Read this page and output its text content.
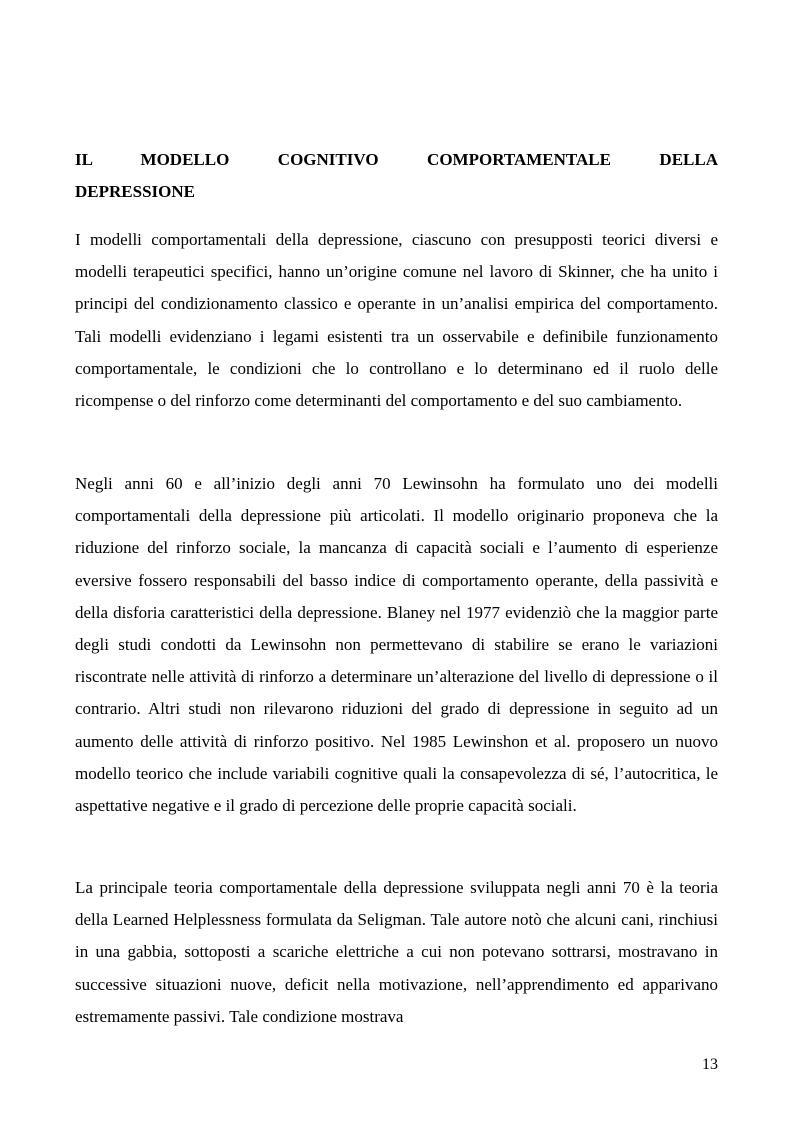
IL MODELLO COGNITIVO COMPORTAMENTALE DELLA
DEPRESSIONE

I modelli comportamentali della depressione, ciascuno con presupposti teorici diversi e modelli terapeutici specifici, hanno un’origine comune nel lavoro di Skinner, che ha unito i principi del condizionamento classico e operante in un’analisi empirica del comportamento. Tali modelli evidenziano i legami esistenti tra un osservabile e definibile funzionamento comportamentale, le condizioni che lo controllano e lo determinano ed il ruolo delle ricompense o del rinforzo come determinanti del comportamento e del suo cambiamento.

Negli anni 60 e all’inizio degli anni 70 Lewinsohn ha formulato uno dei modelli comportamentali della depressione più articolati. Il modello originario proponeva che la riduzione del rinforzo sociale, la mancanza di capacità sociali e l’aumento di esperienze eversive fossero responsabili del basso indice di comportamento operante, della passività e della disforia caratteristici della depressione. Blaney nel 1977 evidenziò che la maggior parte degli studi condotti da Lewinsohn non permettevano di stabilire se erano le variazioni riscontrate nelle attività di rinforzo a determinare un’alterazione del livello di depressione o il contrario. Altri studi non rilevarono riduzioni del grado di depressione in seguito ad un aumento delle attività di rinforzo positivo. Nel 1985 Lewinshon et al. proposero un nuovo modello teorico che include variabili cognitive quali la consapevolezza di sé, l’autocritica, le aspettative negative e il grado di percezione delle proprie capacità sociali.

La principale teoria comportamentale della depressione sviluppata negli anni 70 è la teoria della Learned Helplessness formulata da Seligman. Tale autore notò che alcuni cani, rinchiusi in una gabbia, sottoposti a scariche elettriche a cui non potevano sottrarsi, mostravano in successive situazioni nuove, deficit nella motivazione, nell’apprendimento ed apparivano estremamente passivi. Tale condizione mostrava

13
